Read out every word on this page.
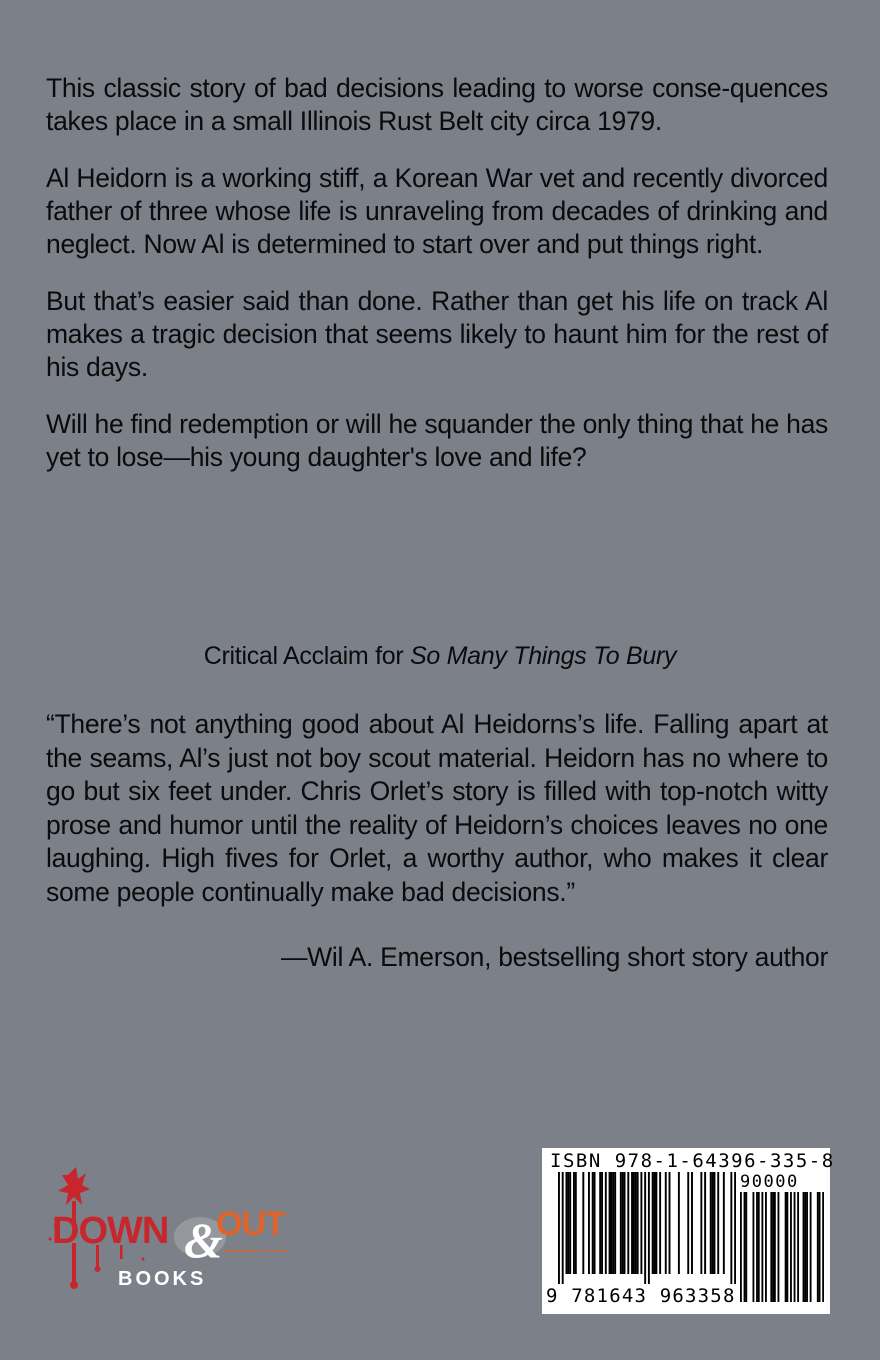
This classic story of bad decisions leading to worse conse-quences takes place in a small Illinois Rust Belt city circa 1979.

Al Heidorn is a working stiff, a Korean War vet and recently divorced father of three whose life is unraveling from decades of drinking and neglect. Now Al is determined to start over and put things right.

But that’s easier said than done. Rather than get his life on track Al makes a tragic decision that seems likely to haunt him for the rest of his days.

Will he find redemption or will he squander the only thing that he has yet to lose—his young daughter's love and life?

Critical Acclaim for So Many Things To Bury

“There’s not anything good about Al Heidorns’s life. Falling apart at the seams, Al’s just not boy scout material. Heidorn has no where to go but six feet under. Chris Orlet’s story is filled with top-notch witty prose and humor until the reality of Heidorn’s choices leaves no one laughing. High fives for Orlet, a worthy author, who makes it clear some people continually make bad decisions.”

—Wil A. Emerson, bestselling short story author
DOWN &
OUT
BOOKS
ISBN 978-1-64396-335-8
90000
9 781643 963358
